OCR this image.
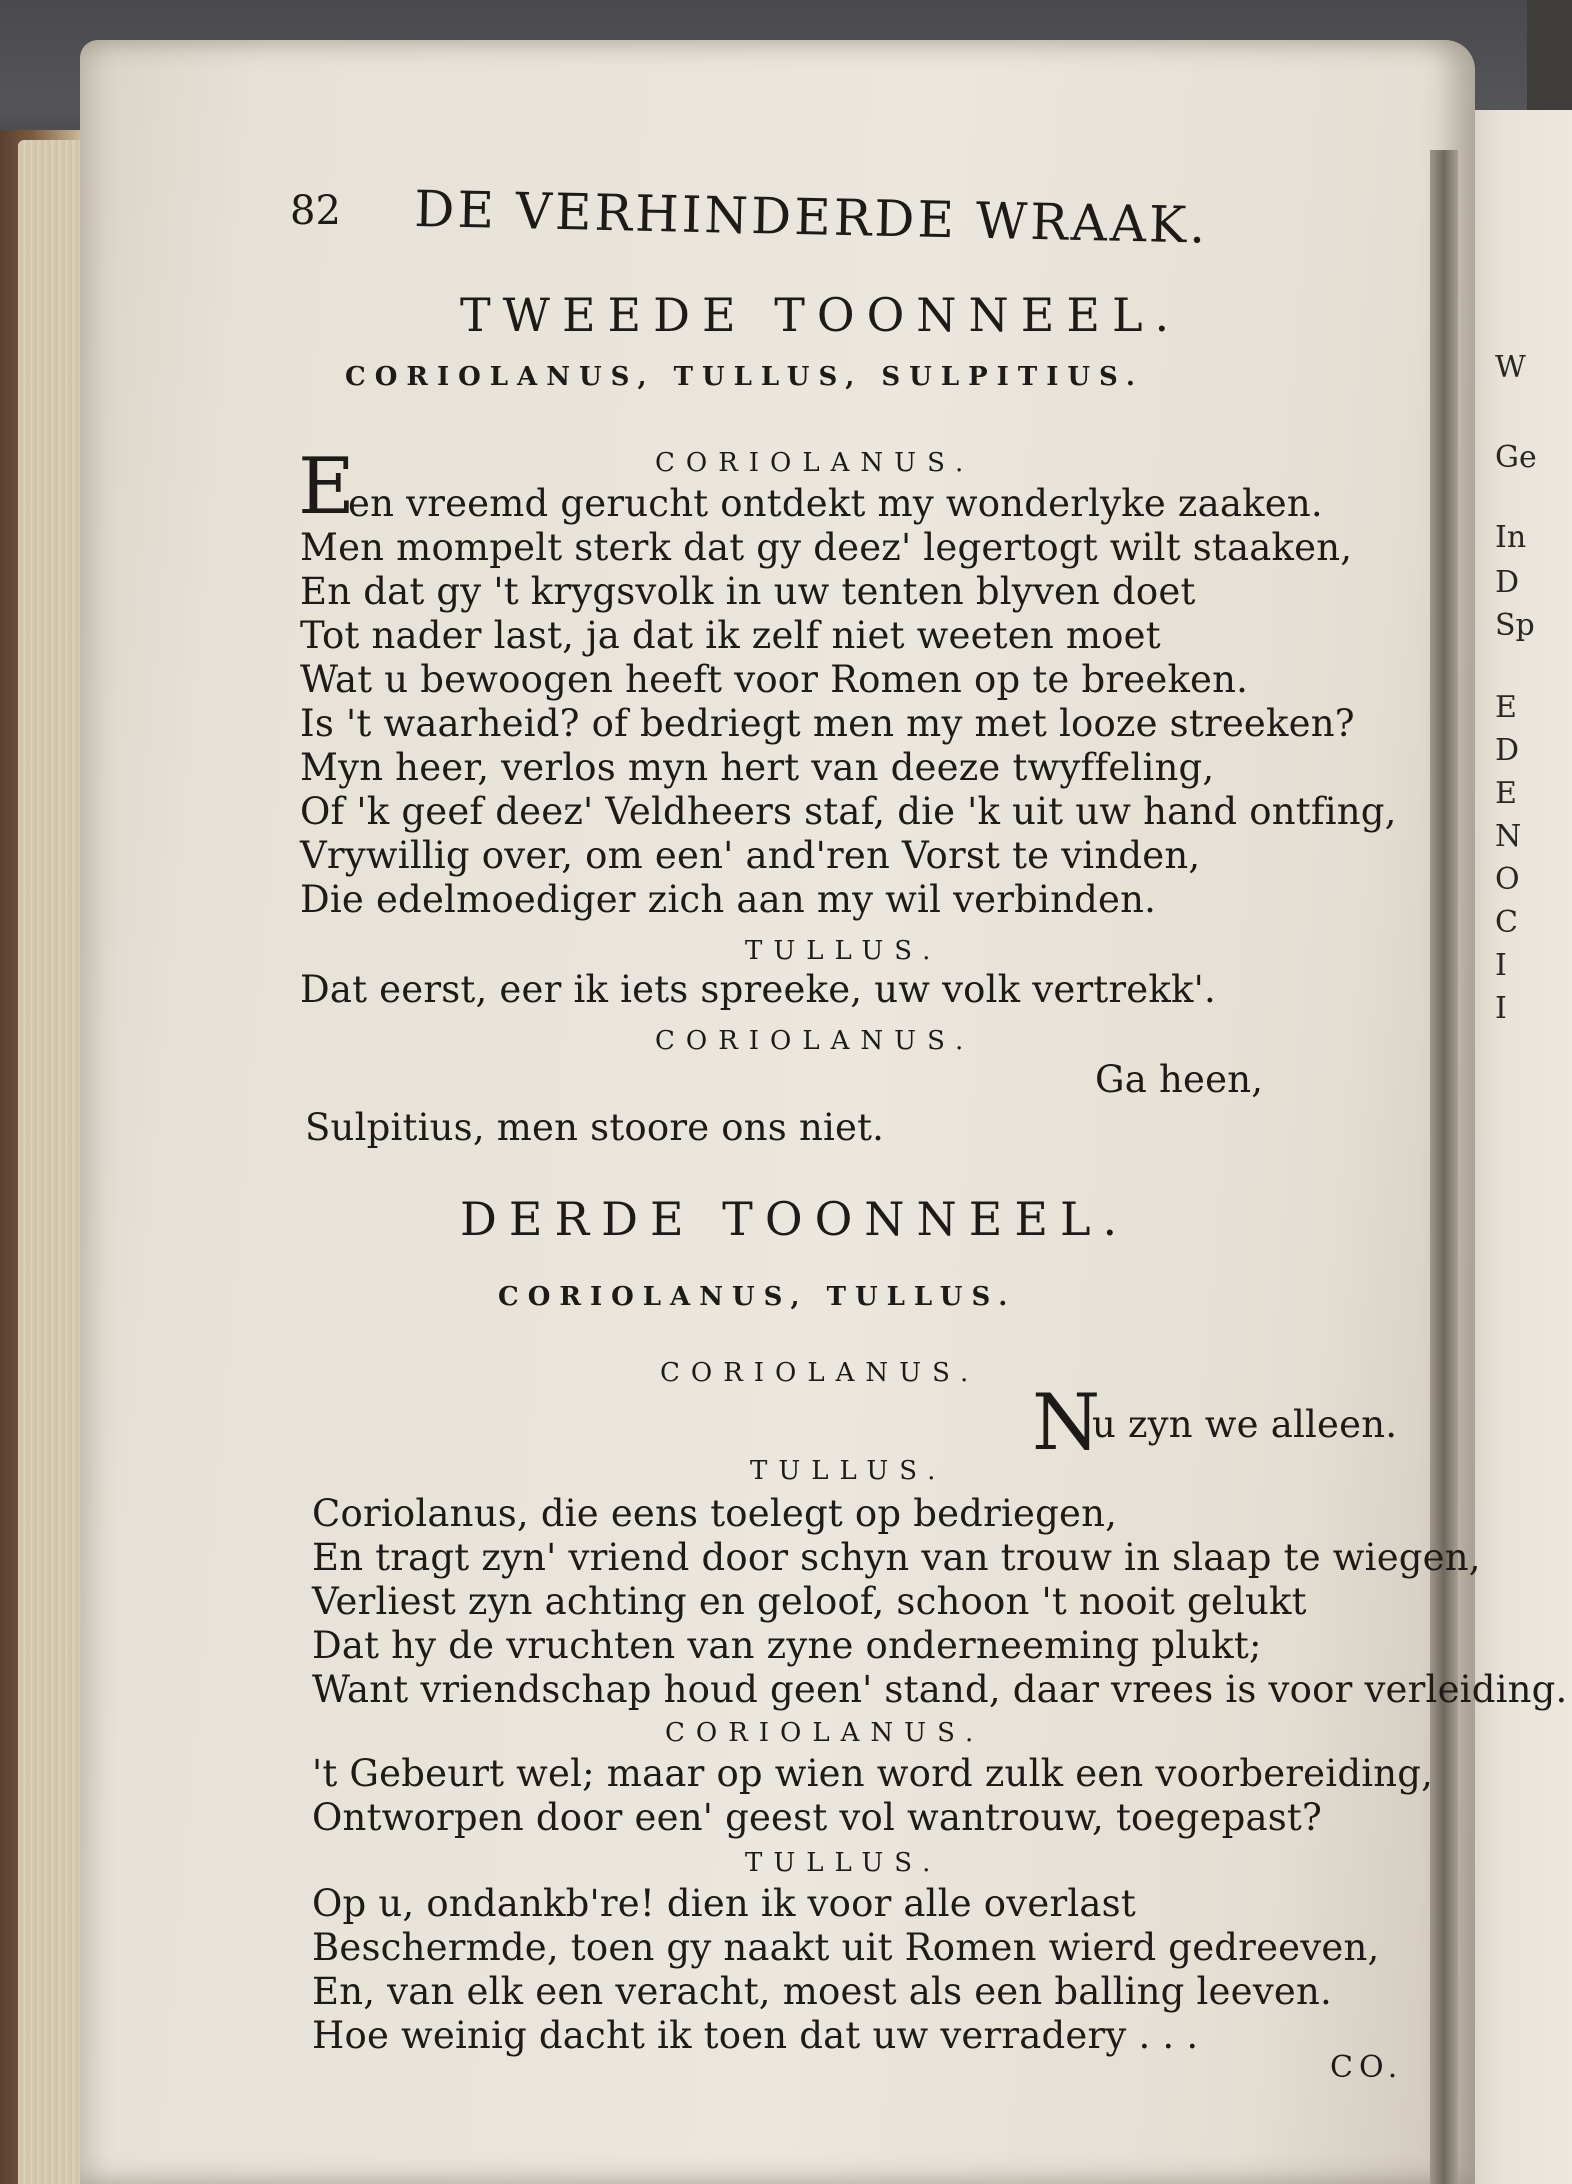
W
Ge
In
D
Sp
E
D
E
N
O
C
I
I
82 DE VERHINDERDE WRAAK.
TWEEDE TOONNEEL.
CORIOLANUS, TULLUS, SULPITIUS.
CORIOLANUS.
E
en vreemd gerucht ontdekt my wonderlyke zaaken.
Men mompelt sterk dat gy deez' legertogt wilt staaken,
En dat gy 't krygsvolk in uw tenten blyven doet
Tot nader last, ja dat ik zelf niet weeten moet
Wat u bewoogen heeft voor Romen op te breeken.
Is 't waarheid? of bedriegt men my met looze streeken?
Myn heer, verlos myn hert van deeze twyffeling,
Of 'k geef deez' Veldheers staf, die 'k uit uw hand ontfing,
Vrywillig over, om een' and'ren Vorst te vinden,
Die edelmoediger zich aan my wil verbinden.
TULLUS.
Dat eerst, eer ik iets spreeke, uw volk vertrekk'.
CORIOLANUS.
Ga heen,
Sulpitius, men stoore ons niet.
DERDE TOONNEEL.
CORIOLANUS, TULLUS.
CORIOLANUS.
N
u zyn we alleen.
TULLUS.
Coriolanus, die eens toelegt op bedriegen,
En tragt zyn' vriend door schyn van trouw in slaap te wiegen,
Verliest zyn achting en geloof, schoon 't nooit gelukt
Dat hy de vruchten van zyne onderneeming plukt;
Want vriendschap houd geen' stand, daar vrees is voor verleiding.
CORIOLANUS.
't Gebeurt wel; maar op wien word zulk een voorbereiding,
Ontworpen door een' geest vol wantrouw, toegepast?
TULLUS.
Op u, ondankb're! dien ik voor alle overlast
Beschermde, toen gy naakt uit Romen wierd gedreeven,
En, van elk een veracht, moest als een balling leeven.
Hoe weinig dacht ik toen dat uw verradery . . .
CO.
